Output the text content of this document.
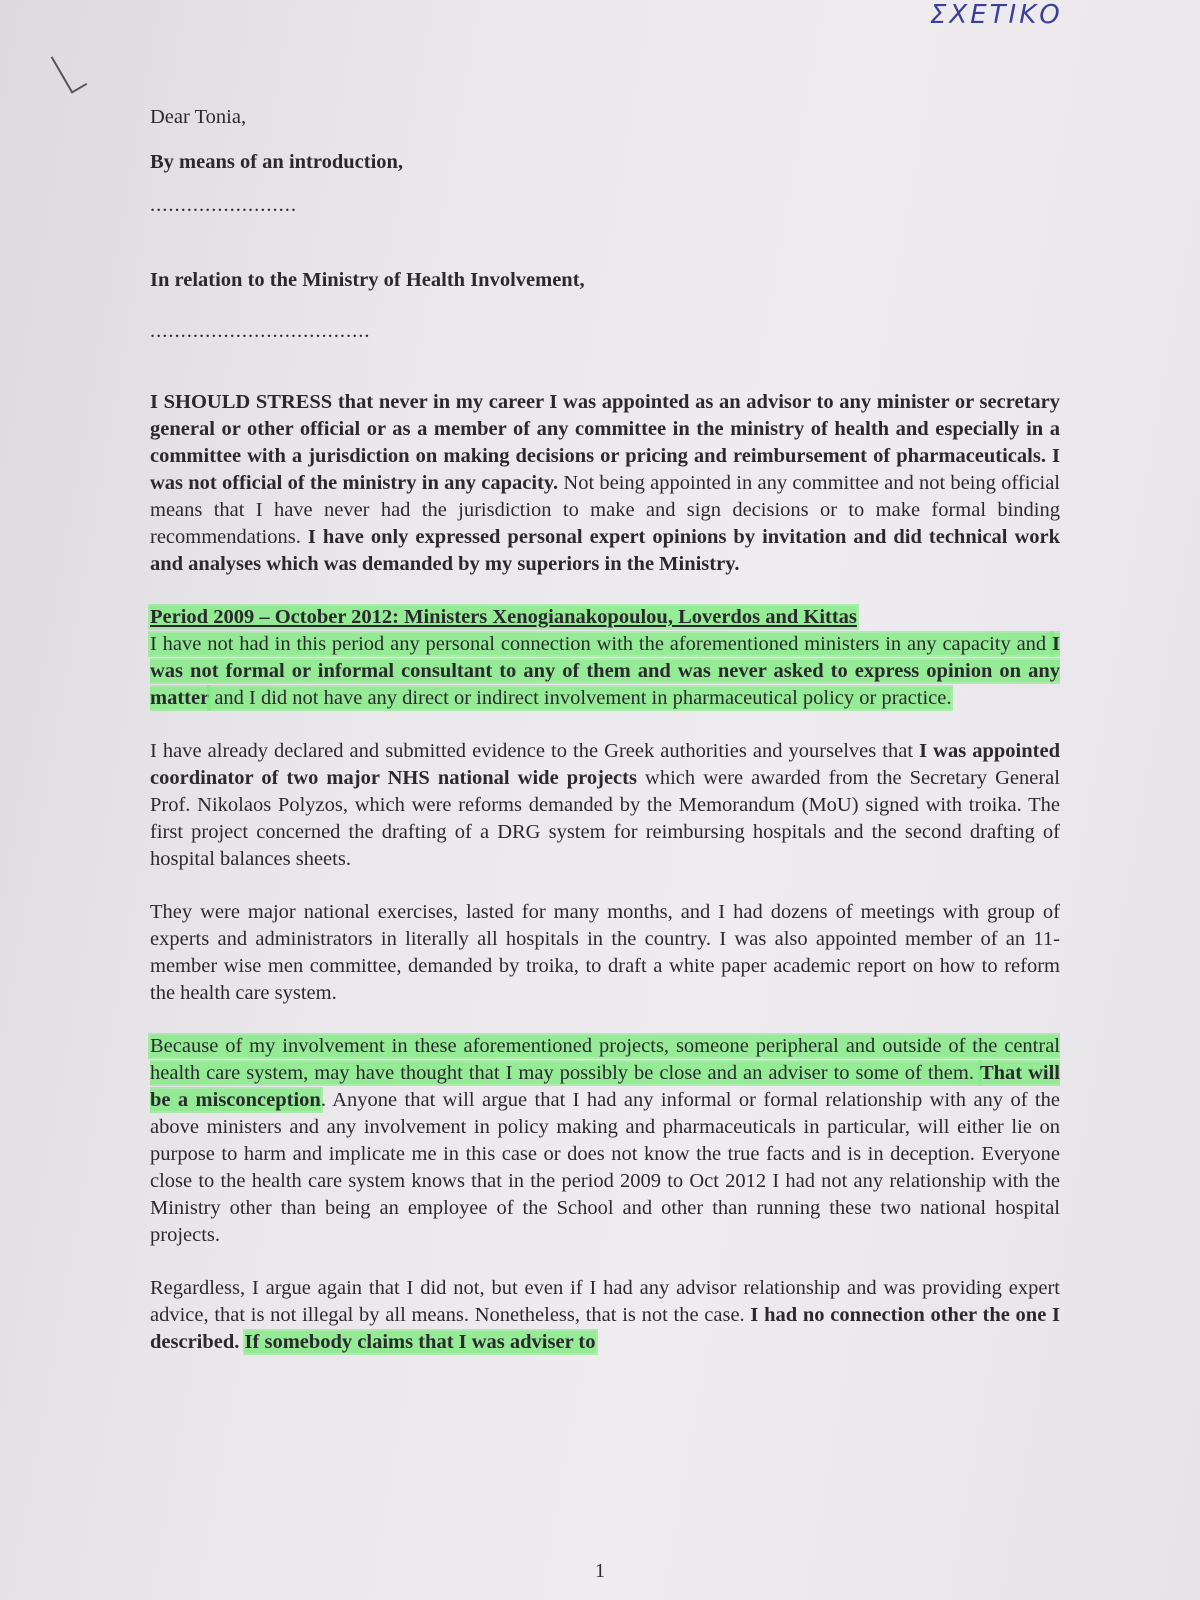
ΣΧΕΤΙΚΟ

Dear Tonia,

By means of an introduction,

........................

In relation to the Ministry of Health Involvement,

....................................

I SHOULD STRESS that never in my career I was appointed as an advisor to any minister or secretary general or other official or as a member of any committee in the ministry of health and especially in a committee with a jurisdiction on making decisions or pricing and reimbursement of pharmaceuticals. I was not official of the ministry in any capacity. Not being appointed in any committee and not being official means that I have never had the jurisdiction to make and sign decisions or to make formal binding recommendations. I have only expressed personal expert opinions by invitation and did technical work and analyses which was demanded by my superiors in the Ministry.

Period 2009 – October 2012: Ministers Xenogianakopoulou, Loverdos and Kittas
I have not had in this period any personal connection with the aforementioned ministers in any capacity and I was not formal or informal consultant to any of them and was never asked to express opinion on any matter and I did not have any direct or indirect involvement in pharmaceutical policy or practice.

I have already declared and submitted evidence to the Greek authorities and yourselves that I was appointed coordinator of two major NHS national wide projects which were awarded from the Secretary General Prof. Nikolaos Polyzos, which were reforms demanded by the Memorandum (MoU) signed with troika. The first project concerned the drafting of a DRG system for reimbursing hospitals and the second drafting of hospital balances sheets.

They were major national exercises, lasted for many months, and I had dozens of meetings with group of experts and administrators in literally all hospitals in the country. I was also appointed member of an 11-member wise men committee, demanded by troika, to draft a white paper academic report on how to reform the health care system.

Because of my involvement in these aforementioned projects, someone peripheral and outside of the central health care system, may have thought that I may possibly be close and an adviser to some of them. That will be a misconception. Anyone that will argue that I had any informal or formal relationship with any of the above ministers and any involvement in policy making and pharmaceuticals in particular, will either lie on purpose to harm and implicate me in this case or does not know the true facts and is in deception. Everyone close to the health care system knows that in the period 2009 to Oct 2012 I had not any relationship with the Ministry other than being an employee of the School and other than running these two national hospital projects.

Regardless, I argue again that I did not, but even if I had any advisor relationship and was providing expert advice, that is not illegal by all means. Nonetheless, that is not the case. I had no connection other the one I described. If somebody claims that I was adviser to

1
